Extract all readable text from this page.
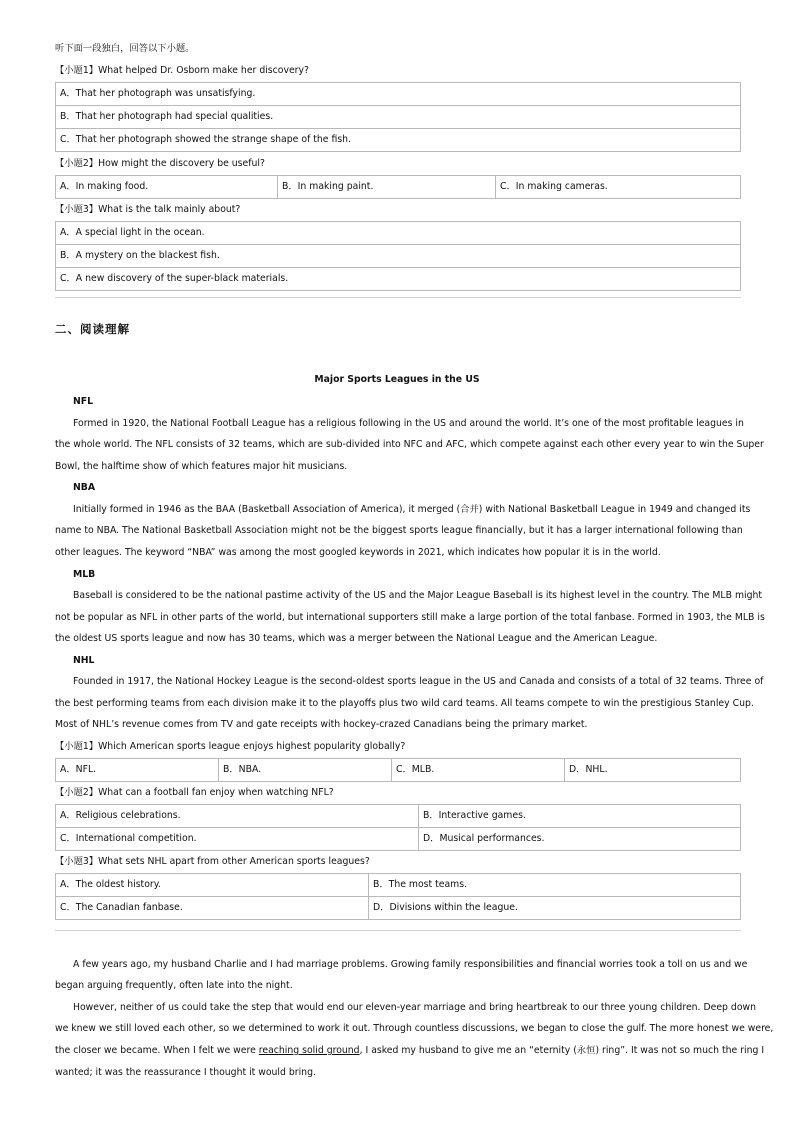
听下面一段独白，回答以下小题。
【小题1】What helped Dr. Osborn make her discovery?
A．That her photograph was unsatisfying.
B．That her photograph had special qualities.
C．That her photograph showed the strange shape of the fish.
【小题2】How might the discovery be useful?
A．In making food.	B．In making paint.	C．In making cameras.
【小题3】What is the talk mainly about?
A．A special light in the ocean.
B．A mystery on the blackest fish.
C．A new discovery of the super-black materials.
二、阅读理解
Major Sports Leagues in the US
NFL
Formed in 1920, the National Football League has a religious following in the US and around the world. It’s one of the most profitable leagues in
the whole world. The NFL consists of 32 teams, which are sub-divided into NFC and AFC, which compete against each other every year to win the Super
Bowl, the halftime show of which features major hit musicians.
NBA
Initially formed in 1946 as the BAA (Basketball Association of America), it merged (合并) with National Basketball League in 1949 and changed its
name to NBA. The National Basketball Association might not be the biggest sports league financially, but it has a larger international following than
other leagues. The keyword “NBA” was among the most googled keywords in 2021, which indicates how popular it is in the world.
MLB
Baseball is considered to be the national pastime activity of the US and the Major League Baseball is its highest level in the country. The MLB might
not be popular as NFL in other parts of the world, but international supporters still make a large portion of the total fanbase. Formed in 1903, the MLB is
the oldest US sports league and now has 30 teams, which was a merger between the National League and the American League.
NHL
Founded in 1917, the National Hockey League is the second-oldest sports league in the US and Canada and consists of a total of 32 teams. Three of
the best performing teams from each division make it to the playoffs plus two wild card teams. All teams compete to win the prestigious Stanley Cup.
Most of NHL’s revenue comes from TV and gate receipts with hockey-crazed Canadians being the primary market.
【小题1】Which American sports league enjoys highest popularity globally?
A．NFL.	B．NBA.	C．MLB.	D．NHL.
【小题2】What can a football fan enjoy when watching NFL?
A．Religious celebrations.	B．Interactive games.
C．International competition.	D．Musical performances.
【小题3】What sets NHL apart from other American sports leagues?
A．The oldest history.	B．The most teams.
C．The Canadian fanbase.	D．Divisions within the league.
A few years ago, my husband Charlie and I had marriage problems. Growing family responsibilities and financial worries took a toll on us and we
began arguing frequently, often late into the night.
However, neither of us could take the step that would end our eleven-year marriage and bring heartbreak to our three young children. Deep down
we knew we still loved each other, so we determined to work it out. Through countless discussions, we began to close the gulf. The more honest we were,
the closer we became. When I felt we were reaching solid ground, I asked my husband to give me an “eternity (永恒) ring”. It was not so much the ring I
wanted; it was the reassurance I thought it would bring.
